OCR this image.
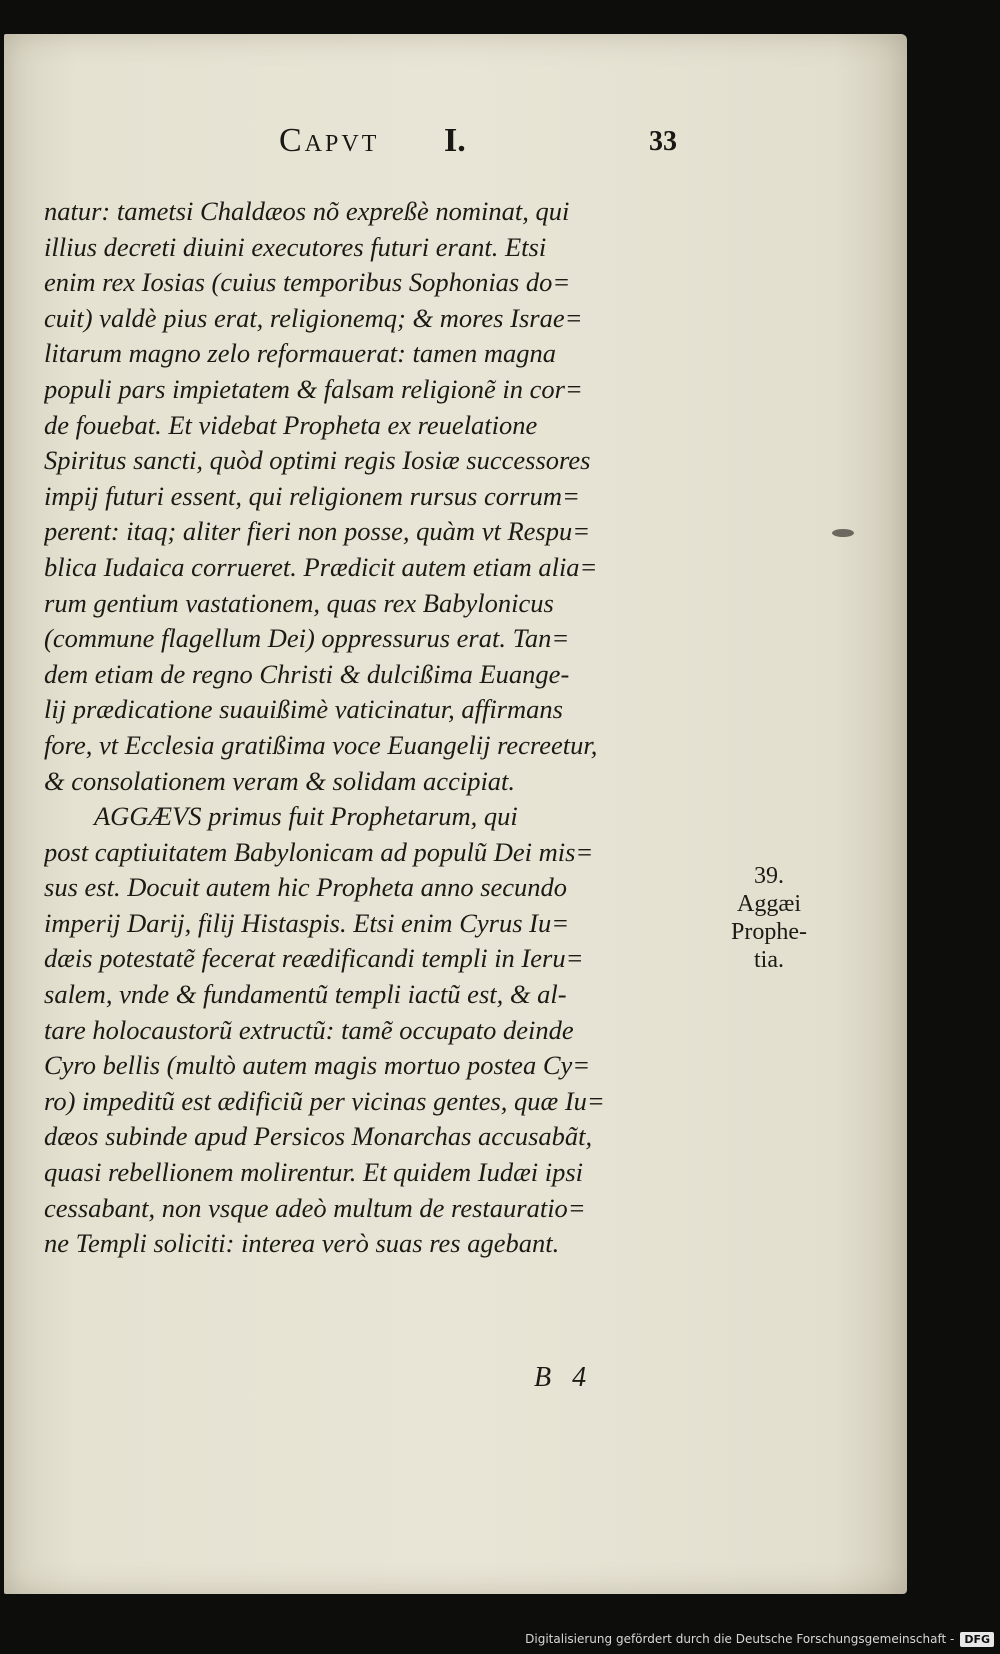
Capvt I.	33
natur: tametsi Chaldæos nõ expreßè nominat, qui
illius decreti diuini executores futuri erant. Etsi
enim rex Iosias (cuius temporibus Sophonias do=
cuit) valdè pius erat, religionemq; & mores Israe=
litarum magno zelo reformauerat: tamen magna
populi pars impietatem & falsam religionẽ in cor=
de fouebat. Et videbat Propheta ex reuelatione
Spiritus sancti, quòd optimi regis Iosiæ successores
impij futuri essent, qui religionem rursus corrum=
perent: itaq; aliter fieri non posse, quàm vt Respu=
blica Iudaica corrueret. Prædicit autem etiam alia=
rum gentium vastationem, quas rex Babylonicus
(commune flagellum Dei) oppressurus erat. Tan=
dem etiam de regno Christi & dulcißima Euange-
lij prædicatione suauißimè vaticinatur, affirmans
fore, vt Ecclesia gratißima voce Euangelij recreetur,
& consolationem veram & solidam accipiat.
AGGÆVS primus fuit Prophetarum, qui
post captiuitatem Babylonicam ad populũ Dei mis=
sus est. Docuit autem hic Propheta anno secundo
imperij Darij, filij Histaspis. Etsi enim Cyrus Iu=
dæis potestatẽ fecerat reædificandi templi in Ieru=
salem, vnde & fundamentũ templi iactũ est, & al-
tare holocaustorũ extructũ: tamẽ occupato deinde
Cyro bellis (multò autem magis mortuo postea Cy=
ro) impeditũ est ædificiũ per vicinas gentes, quæ Iu=
dæos subinde apud Persicos Monarchas accusabãt,
quasi rebellionem molirentur. Et quidem Iudæi ipsi
cessabant, non vsque adeò multum de restauratio=
ne Templi soliciti: interea verò suas res agebant.
39.
Aggæi
Prophe-
tia.
B 4
Digitalisierung gefördert durch die Deutsche Forschungsgemeinschaft - DFG
